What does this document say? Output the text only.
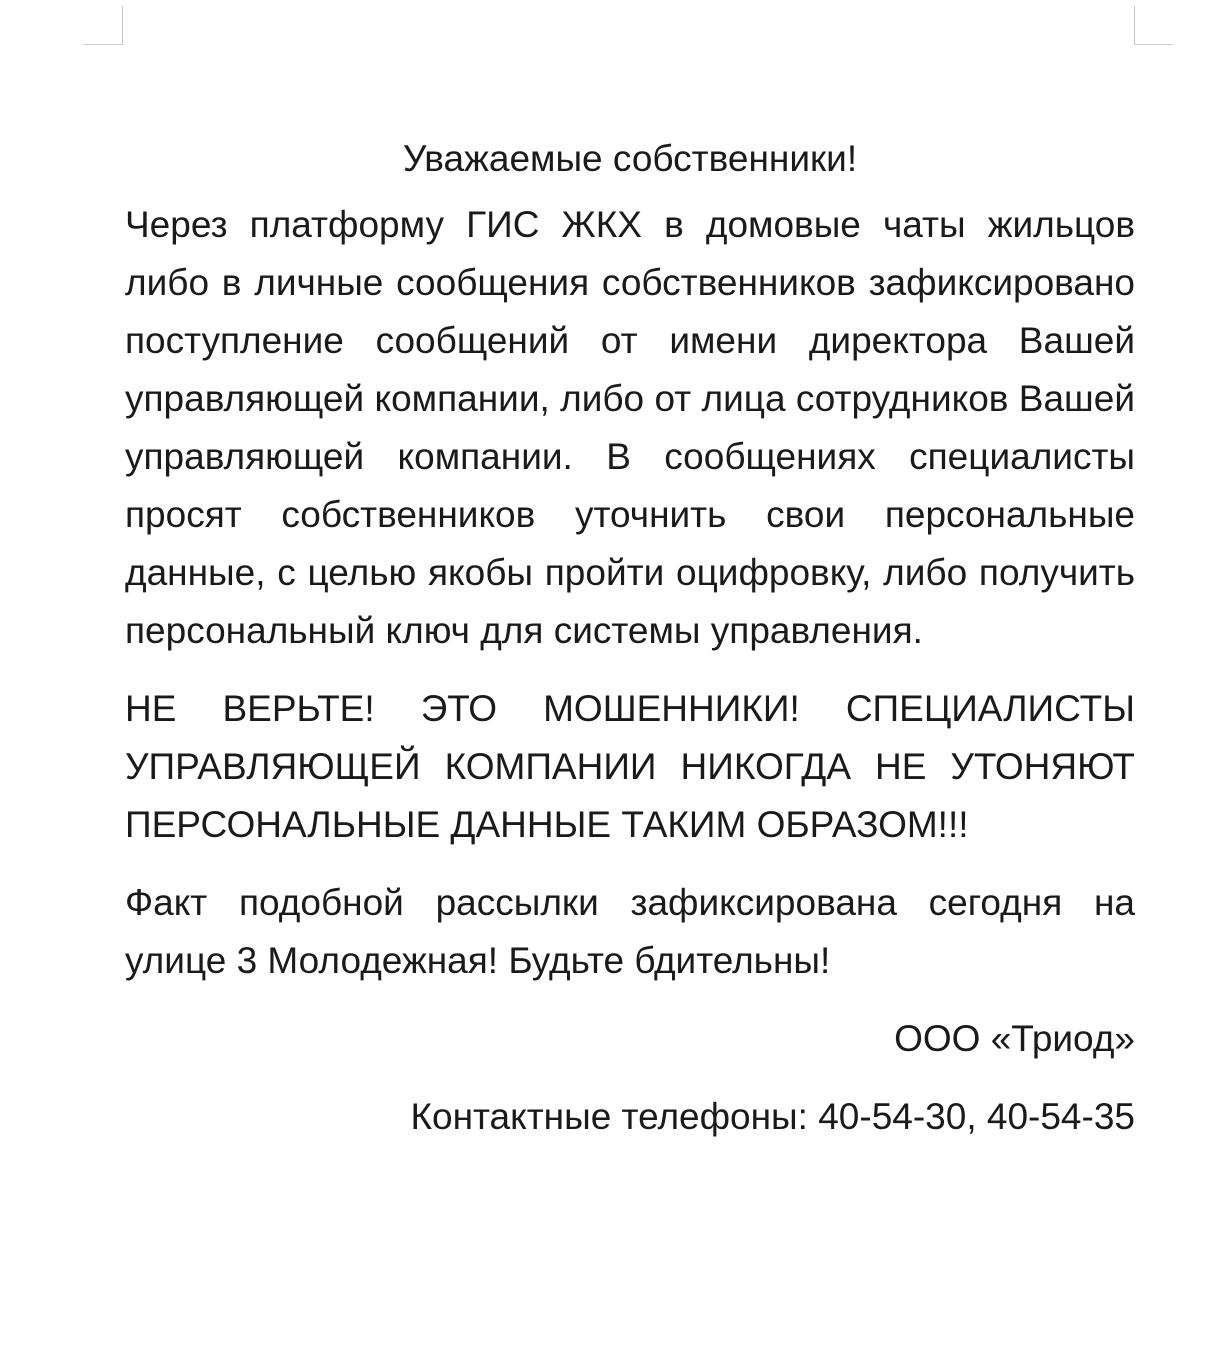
Уважаемые собственники!

Через платформу ГИС ЖКХ в домовые чаты жильцов либо в личные сообщения собственников зафиксировано поступление сообщений от имени директора Вашей управляющей компании, либо от лица сотрудников Вашей управляющей компании. В сообщениях специалисты просят собственников уточнить свои персональные данные, с целью якобы пройти оцифровку, либо получить персональный ключ для системы управления.

НЕ ВЕРЬТЕ! ЭТО МОШЕННИКИ! СПЕЦИАЛИСТЫ УПРАВЛЯЮЩЕЙ КОМПАНИИ НИКОГДА НЕ УТОНЯЮТ ПЕРСОНАЛЬНЫЕ ДАННЫЕ ТАКИМ ОБРАЗОМ!!!

Факт подобной рассылки зафиксирована сегодня на улице 3 Молодежная! Будьте бдительны!

ООО «Триод»

Контактные телефоны: 40-54-30, 40-54-35
